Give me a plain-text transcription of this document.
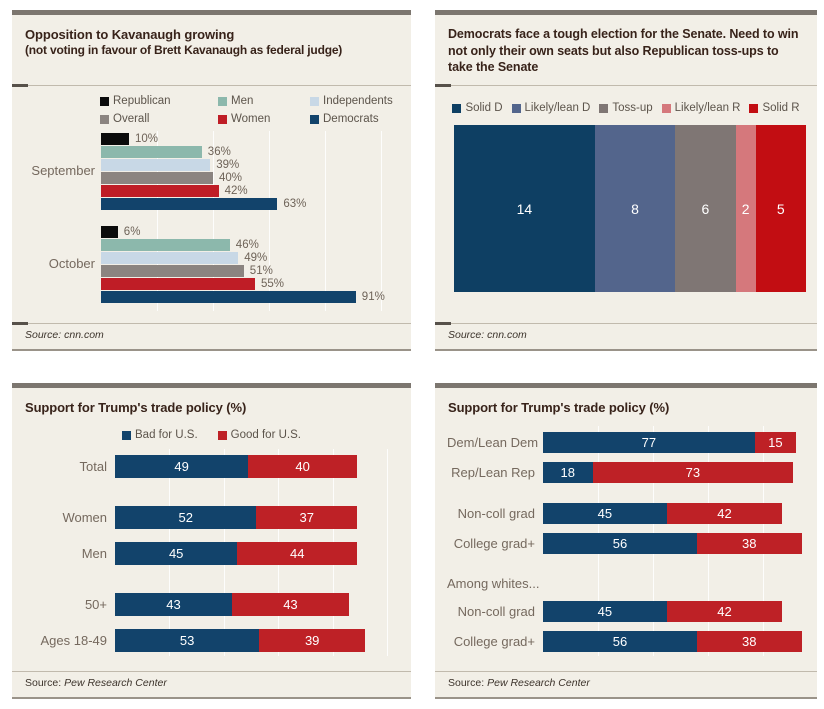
Opposition to Kavanaugh growing
(not voting in favour of Brett Kavanaugh as federal judge)
Republican	Men	Independents
Overall	Women	Democrats
September
10%
36%
39%
40%
42%
63%
October
6%
46%
49%
51%
55%
91%
Source: cnn.com
Democrats face a tough election for the Senate. Need to win not only their own seats but also Republican toss-ups to take the Senate
Solid D Likely/lean D Toss-up Likely/lean R Solid R
14	8	6	2	5
Source: cnn.com
Support for Trump's trade policy (%)
Bad for U.S.	Good for U.S.
Total	49	40
Women	52	37
Men	45	44
50+	43	43
Ages 18-49	53	39
Source: Pew Research Center
Support for Trump's trade policy (%)
Dem/Lean Dem	77	15
Rep/Lean Rep	18	73
Non-coll grad	45	42
College grad+	56	38
Among whites...
Non-coll grad	45	42
College grad+	56	38
Source: Pew Research Center
